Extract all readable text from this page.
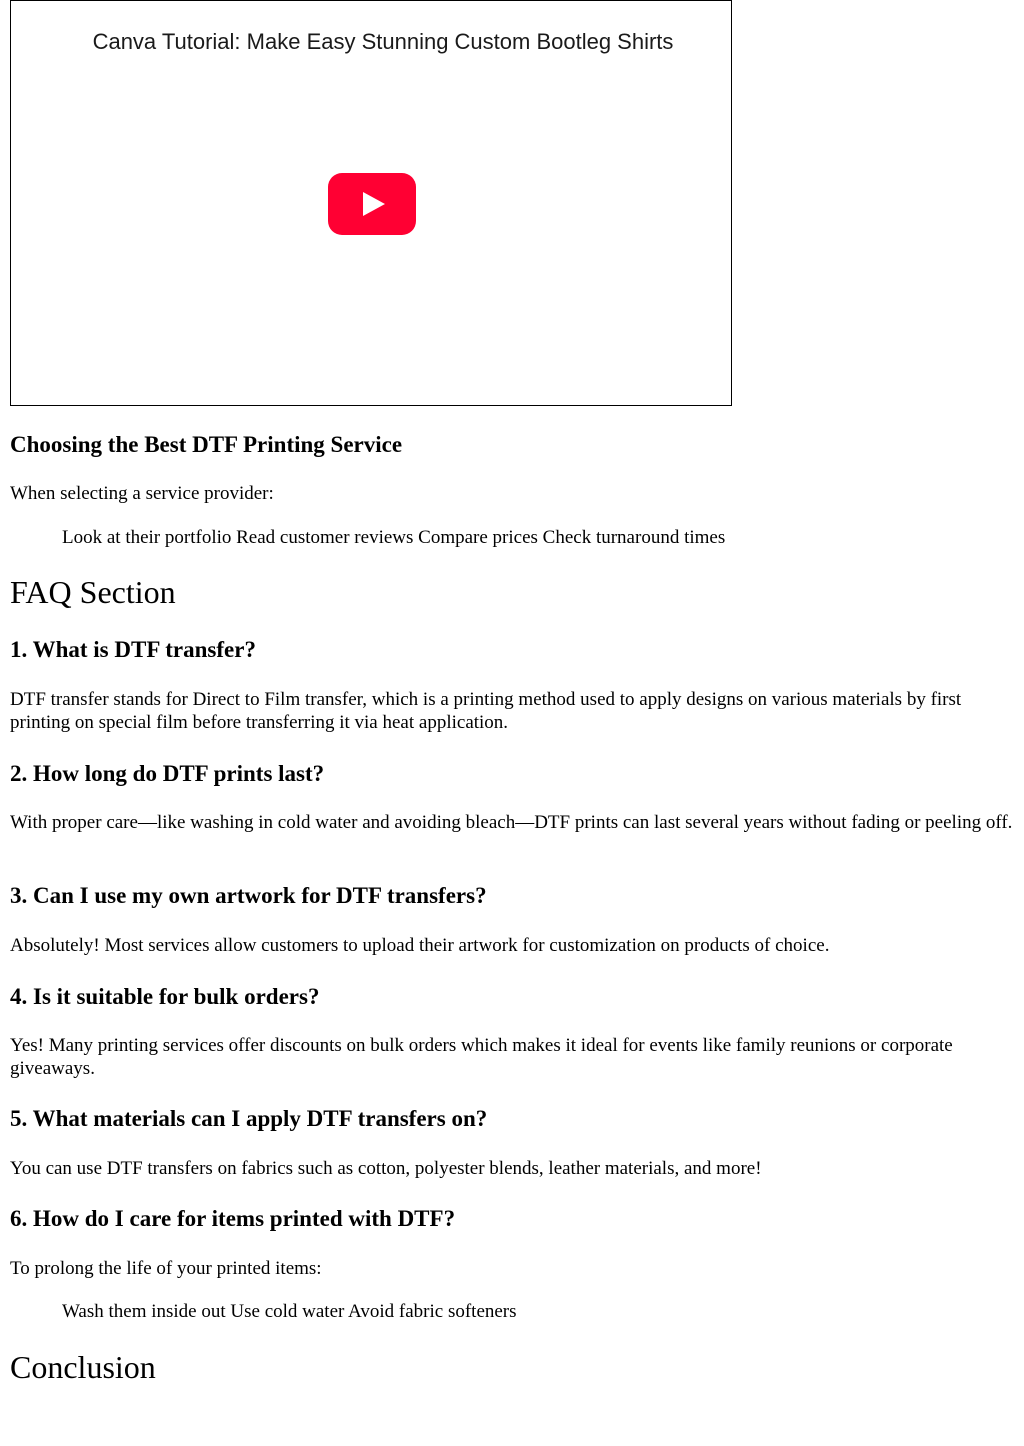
Canva Tutorial: Make Easy Stunning Custom Bootleg Shirts
Choosing the Best DTF Printing Service
When selecting a service provider:
Look at their portfolio Read customer reviews Compare prices Check turnaround times
FAQ Section
1. What is DTF transfer?
DTF transfer stands for Direct to Film transfer, which is a printing method used to apply designs on various materials by first printing on special film before transferring it via heat application.
2. How long do DTF prints last?
With proper care—like washing in cold water and avoiding bleach—DTF prints can last several years without fading or peeling off.
3. Can I use my own artwork for DTF transfers?
Absolutely! Most services allow customers to upload their artwork for customization on products of choice.
4. Is it suitable for bulk orders?
Yes! Many printing services offer discounts on bulk orders which makes it ideal for events like family reunions or corporate giveaways.
5. What materials can I apply DTF transfers on?
You can use DTF transfers on fabrics such as cotton, polyester blends, leather materials, and more!
6. How do I care for items printed with DTF?
To prolong the life of your printed items:
Wash them inside out Use cold water Avoid fabric softeners
Conclusion
